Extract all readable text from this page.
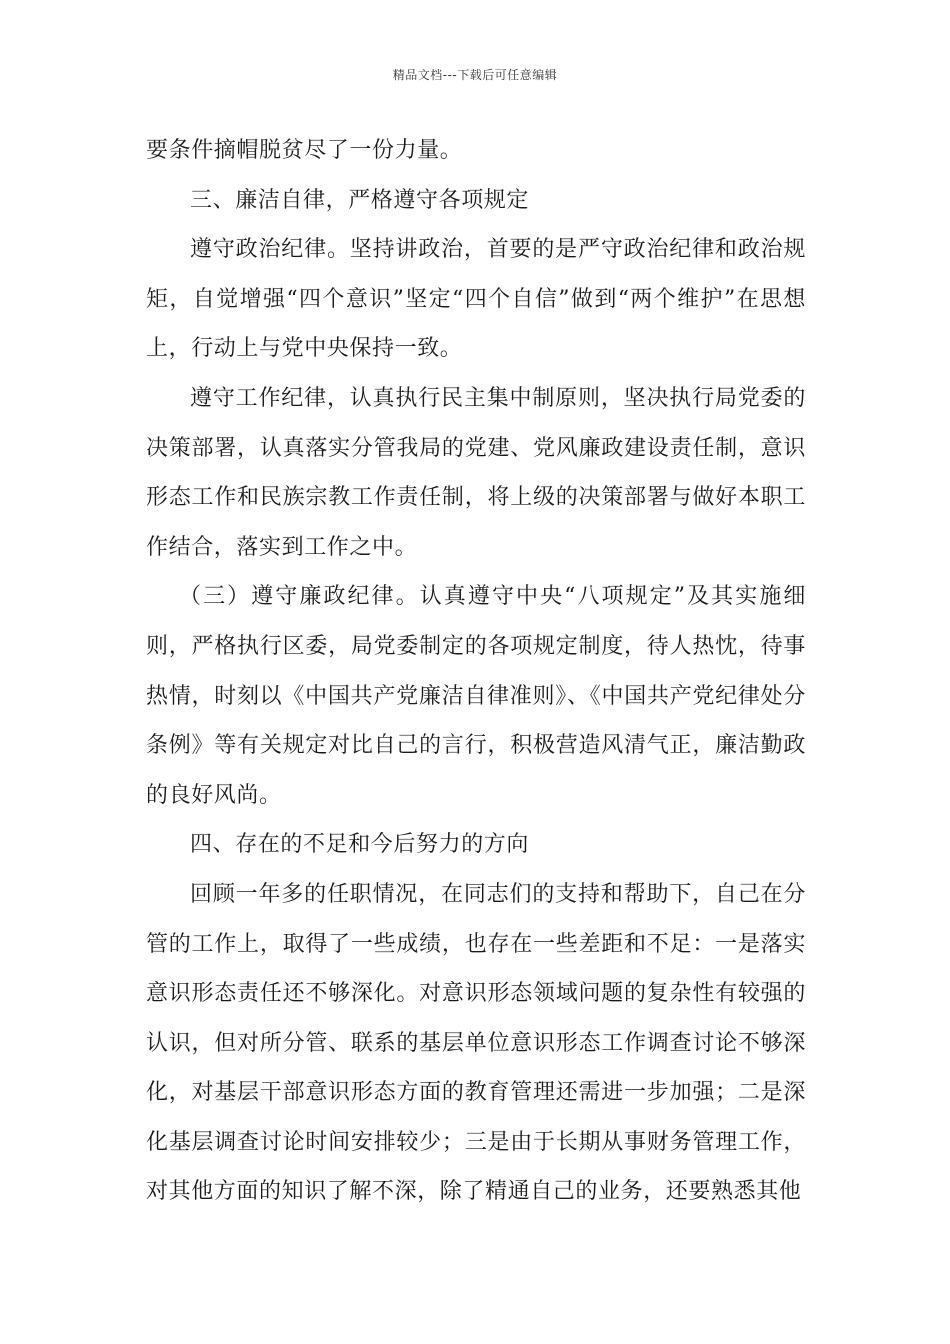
精品文档---下载后可任意编辑

要条件摘帽脱贫尽了一份力量。

三、廉洁自律，严格遵守各项规定

遵守政治纪律。坚持讲政治，首要的是严守政治纪律和政治规矩，自觉增强“四个意识”坚定“四个自信”做到“两个维护”在思想上，行动上与党中央保持一致。

遵守工作纪律，认真执行民主集中制原则，坚决执行局党委的决策部署，认真落实分管我局的党建、党风廉政建设责任制，意识形态工作和民族宗教工作责任制，将上级的决策部署与做好本职工作结合，落实到工作之中。

（三）遵守廉政纪律。认真遵守中央“八项规定”及其实施细则，严格执行区委，局党委制定的各项规定制度，待人热忱，待事热情，时刻以《中国共产党廉洁自律准则》、《中国共产党纪律处分条例》等有关规定对比自己的言行，积极营造风清气正，廉洁勤政的良好风尚。

四、存在的不足和今后努力的方向

回顾一年多的任职情况，在同志们的支持和帮助下，自己在分管的工作上，取得了一些成绩，也存在一些差距和不足：一是落实意识形态责任还不够深化。对意识形态领域问题的复杂性有较强的认识，但对所分管、联系的基层单位意识形态工作调查讨论不够深化，对基层干部意识形态方面的教育管理还需进一步加强；二是深化基层调查讨论时间安排较少；三是由于长期从事财务管理工作，对其他方面的知识了解不深，除了精通自己的业务，还要熟悉其他
